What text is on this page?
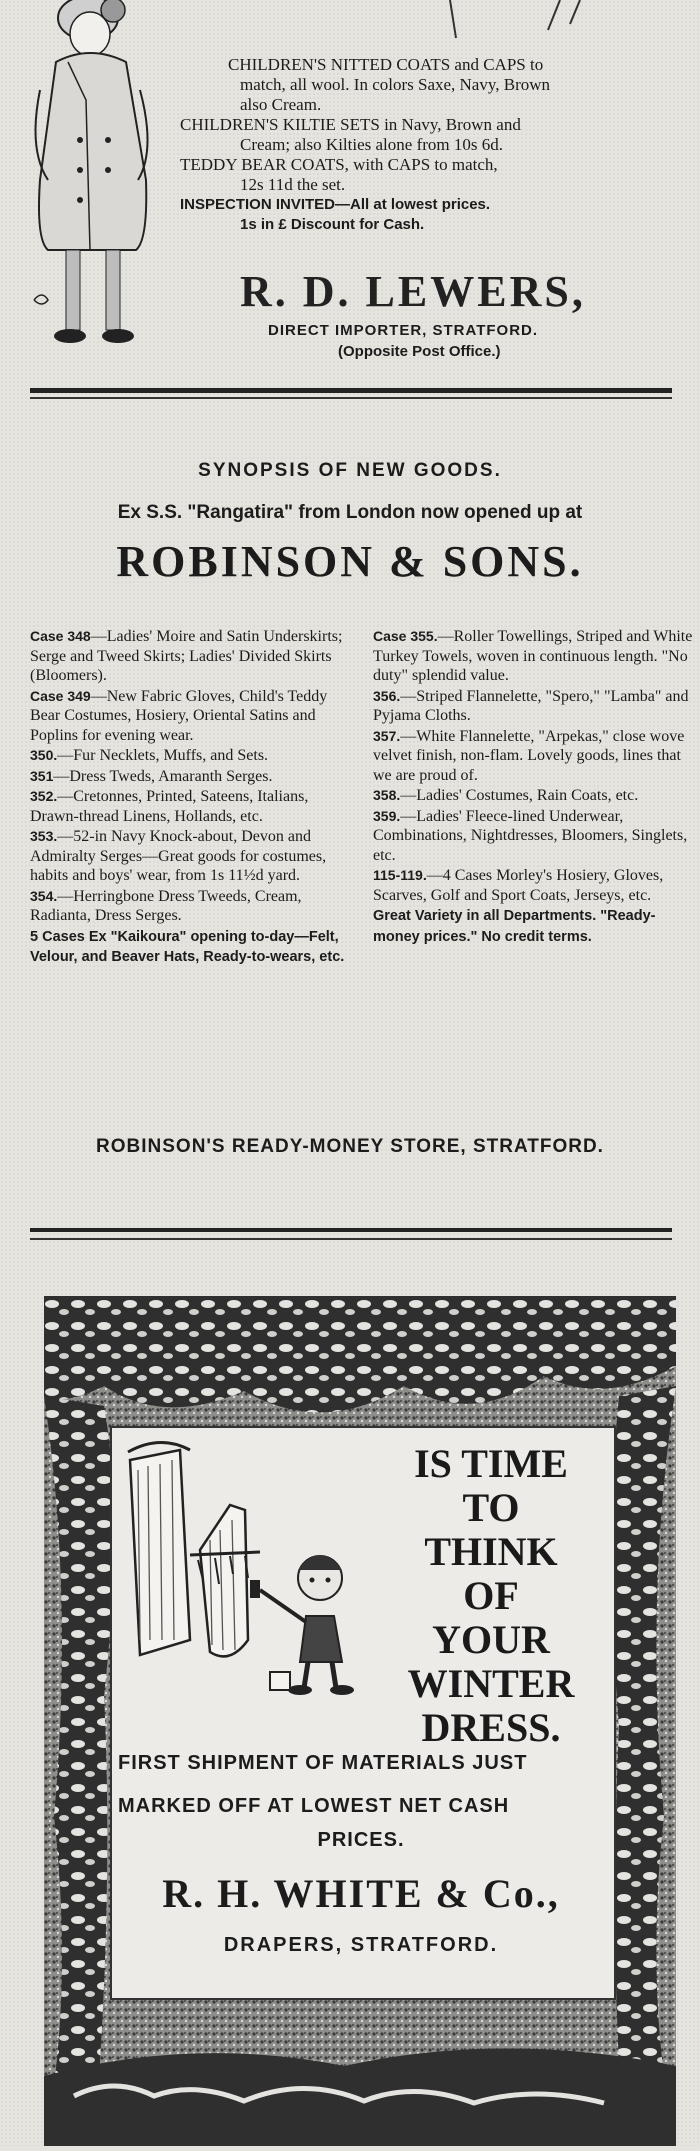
CHILDREN'S NITTED COATS and CAPS to

match, all wool. In colors Saxe, Navy, Brown

also Cream.

CHILDREN'S KILTIE SETS in Navy, Brown and

Cream; also Kilties alone from 10s 6d.

TEDDY BEAR COATS, with CAPS to match,

12s 11d the set.

INSPECTION INVITED—All at lowest prices.

1s in £ Discount for Cash.

R. D. LEWERS,
DIRECT IMPORTER, STRATFORD.
(Opposite Post Office.)
SYNOPSIS OF NEW GOODS.
Ex S.S. "Rangatira" from London now opened up at
ROBINSON & SONS.
Case 348—Ladies' Moire and Satin Underskirts; Serge and Tweed Skirts; Ladies' Divided Skirts (Bloomers).
Case 349—New Fabric Gloves, Child's Teddy Bear Costumes, Hosiery, Oriental Satins and Poplins for evening wear.
350.—Fur Necklets, Muffs, and Sets.
351—Dress Tweds, Amaranth Serges.
352.—Cretonnes, Printed, Sateens, Italians, Drawn-thread Linens, Hollands, etc.
353.—52-in Navy Knock-about, Devon and Admiralty Serges—Great goods for costumes, habits and boys' wear, from 1s 11½d yard.
354.—Herringbone Dress Tweeds, Cream, Radianta, Dress Serges.
5 Cases Ex "Kaikoura" opening to-day—Felt, Velour, and Beaver Hats, Ready-to-wears, etc.
Case 355.—Roller Towellings, Striped and White Turkey Towels, woven in continuous length. "No duty" splendid value.
356.—Striped Flannelette, "Spero," "Lamba" and Pyjama Cloths.
357.—White Flannelette, "Arpekas," close wove velvet finish, non-flam. Lovely goods, lines that we are proud of.
358.—Ladies' Costumes, Rain Coats, etc.
359.—Ladies' Fleece-lined Underwear, Combinations, Nightdresses, Bloomers, Singlets, etc.
115-119.—4 Cases Morley's Hosiery, Gloves, Scarves, Golf and Sport Coats, Jerseys, etc.
Great Variety in all Departments. "Ready-money prices." No credit terms.
ROBINSON'S READY-MONEY STORE, STRATFORD.
IS TIME
TO
THINK
OF
YOUR
WINTER
DRESS.
FIRST SHIPMENT OF MATERIALS JUST
MARKED OFF AT LOWEST NET CASH
PRICES.
R. H. WHITE & Co.,
DRAPERS, STRATFORD.
